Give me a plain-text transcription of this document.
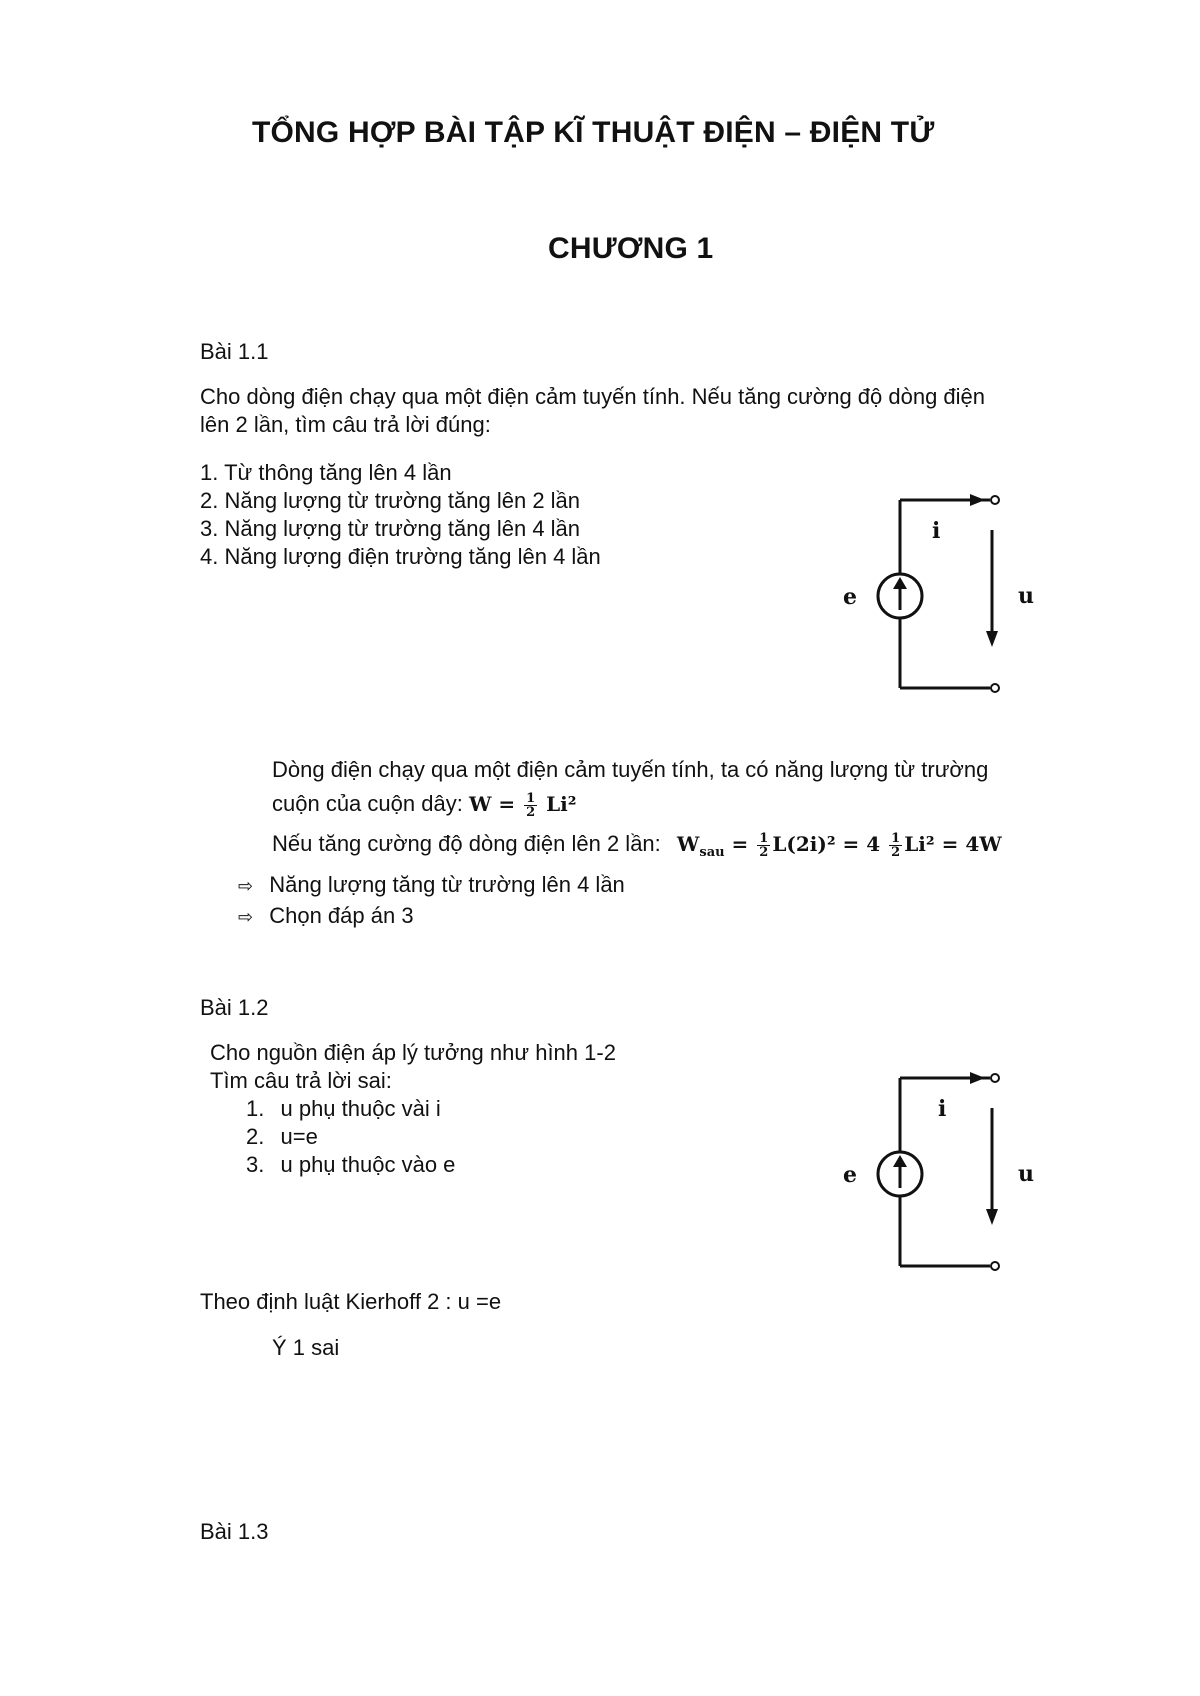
TỔNG HỢP BÀI TẬP KĨ THUẬT ĐIỆN – ĐIỆN TỬ
CHƯƠNG 1
Bài 1.1
Cho dòng điện chạy qua một điện cảm tuyến tính. Nếu tăng cường độ dòng điện
lên 2 lần, tìm câu trả lời đúng:
1. Từ thông tăng lên 4 lần
2. Năng lượng từ trường tăng lên 2 lần
3. Năng lượng từ trường tăng lên 4 lần
4. Năng lượng điện trường tăng lên 4 lần
e
i
u
Dòng điện chạy qua một điện cảm tuyến tính, ta có năng lượng từ trường
cuộn của cuộn dây: $W = \frac{1}{2} Li^2$
Nếu tăng cường độ dòng điện lên 2 lần: $W_{sau} = \frac{1}{2} L(2i)^2 = 4 \frac{1}{2} Li^2 = 4W$
⇨ Năng lượng tăng từ trường lên 4 lần
⇨ Chọn đáp án 3
Bài 1.2
Cho nguồn điện áp lý tưởng như hình 1-2
Tìm câu trả lời sai:
1. u phụ thuộc vài i
2. u=e
3. u phụ thuộc vào e	e
i
u
Theo định luật Kierhoff 2 : u =e
Ý 1 sai
Bài 1.3
